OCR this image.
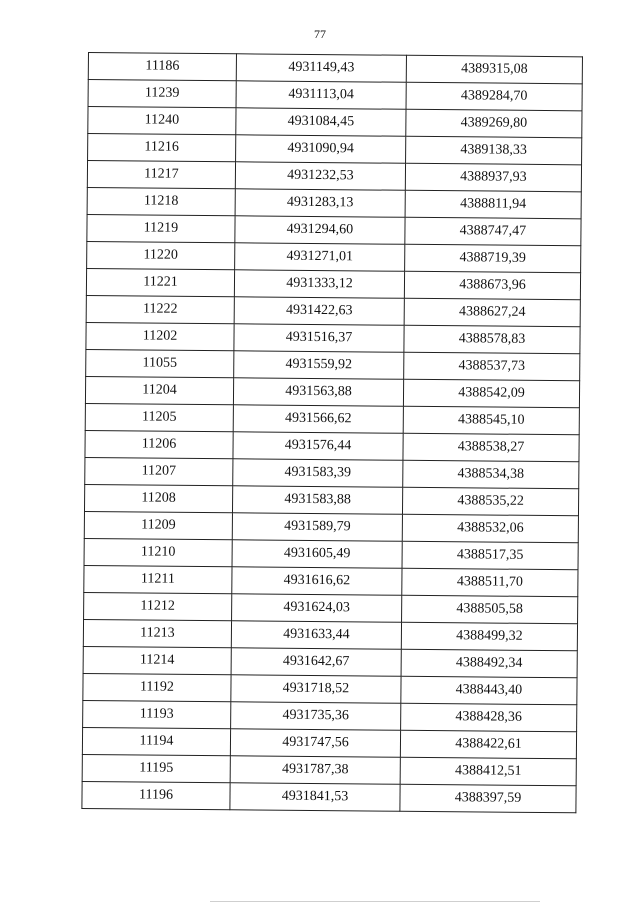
77
11186	4931149,43	4389315,08
11239	4931113,04	4389284,70
11240	4931084,45	4389269,80
11216	4931090,94	4389138,33
11217	4931232,53	4388937,93
11218	4931283,13	4388811,94
11219	4931294,60	4388747,47
11220	4931271,01	4388719,39
11221	4931333,12	4388673,96
11222	4931422,63	4388627,24
11202	4931516,37	4388578,83
11055	4931559,92	4388537,73
11204	4931563,88	4388542,09
11205	4931566,62	4388545,10
11206	4931576,44	4388538,27
11207	4931583,39	4388534,38
11208	4931583,88	4388535,22
11209	4931589,79	4388532,06
11210	4931605,49	4388517,35
11211	4931616,62	4388511,70
11212	4931624,03	4388505,58
11213	4931633,44	4388499,32
11214	4931642,67	4388492,34
11192	4931718,52	4388443,40
11193	4931735,36	4388428,36
11194	4931747,56	4388422,61
11195	4931787,38	4388412,51
11196	4931841,53	4388397,59
